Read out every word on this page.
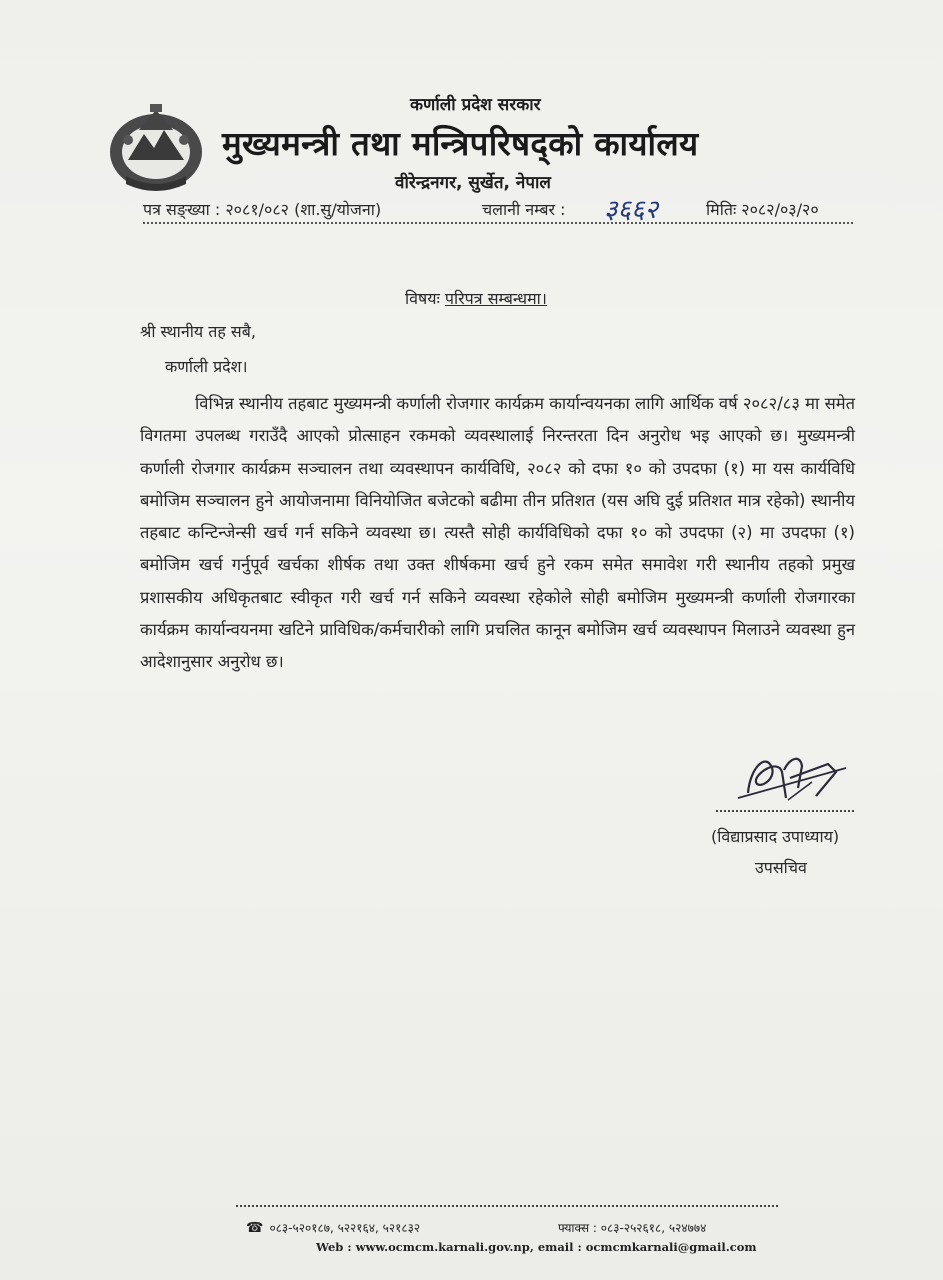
कर्णाली प्रदेश सरकार
मुख्यमन्त्री तथा मन्त्रिपरिषद्को कार्यालय
वीरेन्द्रनगर, सुर्खेत, नेपाल
पत्र सङ्ख्या : २०८१/०८२ (शा.सु/योजना)	चलानी नम्बर : ३६६२	मितिः २०८२/०३/२०
विषयः परिपत्र सम्बन्धमा।
श्री स्थानीय तह सबै,
कर्णाली प्रदेश।
विभिन्न स्थानीय तहबाट मुख्यमन्त्री कर्णाली रोजगार कार्यक्रम कार्यान्वयनका लागि आर्थिक वर्ष २०८२/८३ मा समेत विगतमा उपलब्ध गराउँदै आएको प्रोत्साहन रकमको व्यवस्थालाई निरन्तरता दिन अनुरोध भइ आएको छ। मुख्यमन्त्री कर्णाली रोजगार कार्यक्रम सञ्चालन तथा व्यवस्थापन कार्यविधि, २०८२ को दफा १० को उपदफा (१) मा यस कार्यविधि बमोजिम सञ्चालन हुने आयोजनामा विनियोजित बजेटको बढीमा तीन प्रतिशत (यस अघि दुई प्रतिशत मात्र रहेको) स्थानीय तहबाट कन्टिन्जेन्सी खर्च गर्न सकिने व्यवस्था छ। त्यस्तै सोही कार्यविधिको दफा १० को उपदफा (२) मा उपदफा (१) बमोजिम खर्च गर्नुपूर्व खर्चका शीर्षक तथा उक्त शीर्षकमा खर्च हुने रकम समेत समावेश गरी स्थानीय तहको प्रमुख प्रशासकीय अधिकृतबाट स्वीकृत गरी खर्च गर्न सकिने व्यवस्था रहेकोले सोही बमोजिम मुख्यमन्त्री कर्णाली रोजगारका कार्यक्रम कार्यान्वयनमा खटिने प्राविधिक/कर्मचारीको लागि प्रचलित कानून बमोजिम खर्च व्यवस्थापन मिलाउने व्यवस्था हुन आदेशानुसार अनुरोध छ।
(विद्याप्रसाद उपाध्याय)
उपसचिव
☎ ०८३-५२०१८७, ५२२१६४, ५२१८३२	फ्याक्स : ०८३-२५२६१८, ५२४७७४
Web : www.ocmcm.karnali.gov.np, email : ocmcmkarnali@gmail.com
